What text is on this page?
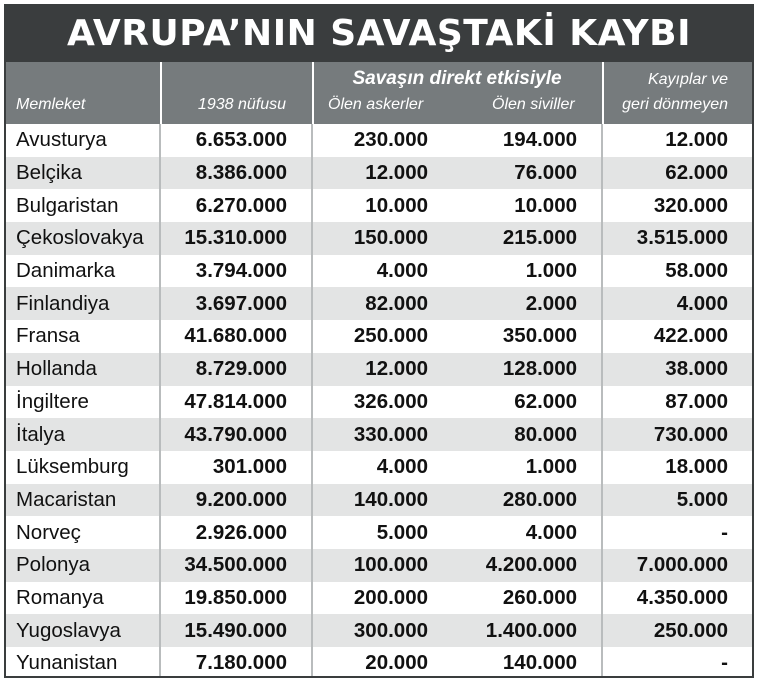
AVRUPA’NIN SAVAŞTAKİ KAYBI
Memleket	1938 nüfusu
Savaşın direkt etkisiyle
Ölen askerler	Ölen siviller
Kayıplar ve
geri dönmeyen
Avusturya	6.653.000	230.000	194.000	12.000
Belçika	8.386.000	12.000	76.000	62.000
Bulgaristan	6.270.000	10.000	10.000	320.000
Çekoslovakya	15.310.000	150.000	215.000	3.515.000
Danimarka	3.794.000	4.000	1.000	58.000
Finlandiya	3.697.000	82.000	2.000	4.000
Fransa	41.680.000	250.000	350.000	422.000
Hollanda	8.729.000	12.000	128.000	38.000
İngiltere	47.814.000	326.000	62.000	87.000
İtalya	43.790.000	330.000	80.000	730.000
Lüksemburg	301.000	4.000	1.000	18.000
Macaristan	9.200.000	140.000	280.000	5.000
Norveç	2.926.000	5.000	4.000	-
Polonya	34.500.000	100.000	4.200.000	7.000.000
Romanya	19.850.000	200.000	260.000	4.350.000
Yugoslavya	15.490.000	300.000	1.400.000	250.000
Yunanistan	7.180.000	20.000	140.000	-
